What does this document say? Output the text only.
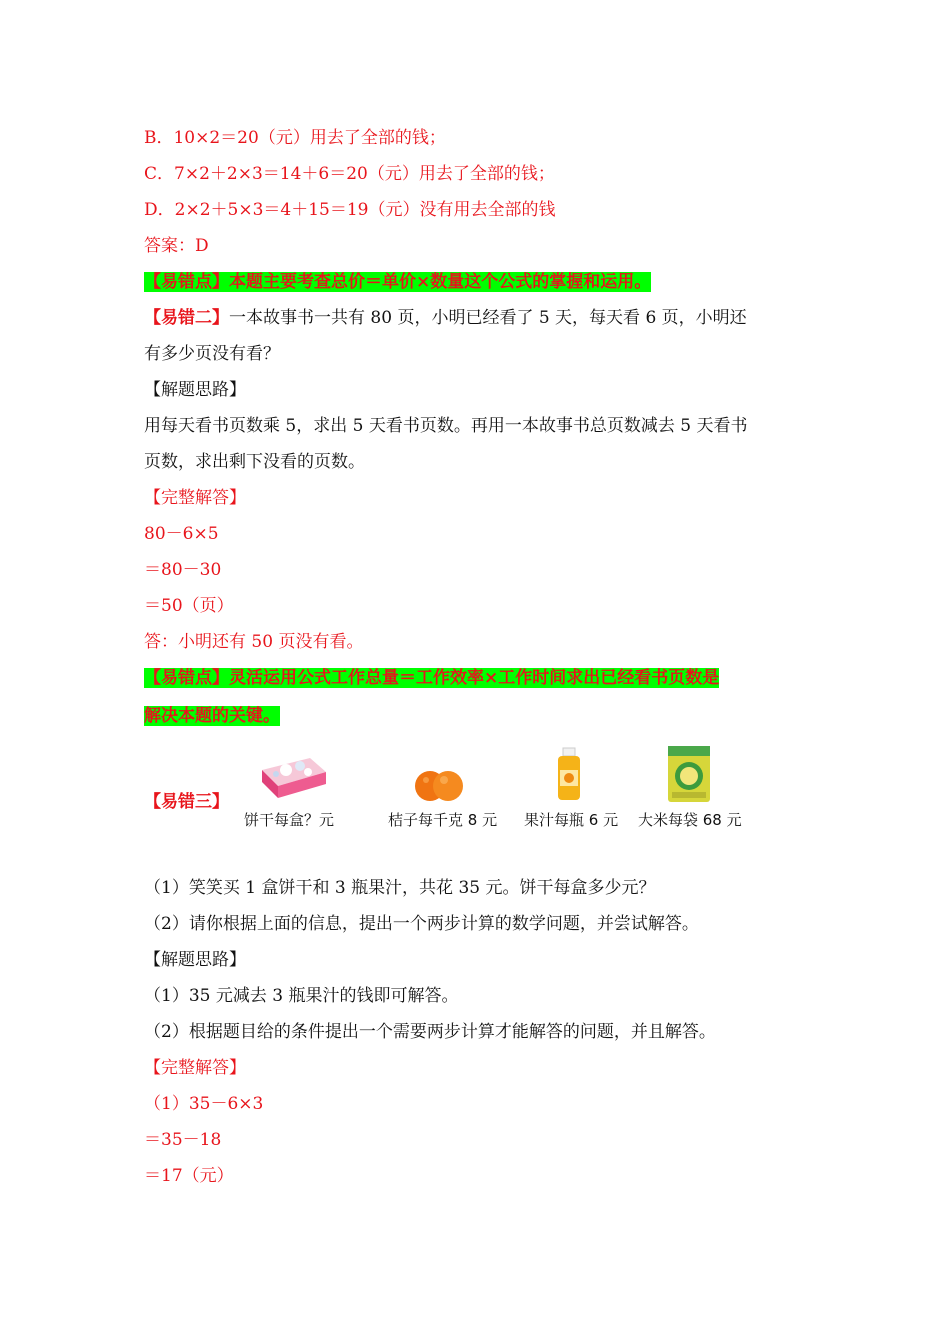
B．10×2＝20（元）用去了全部的钱；
C．7×2＋2×3＝14＋6＝20（元）用去了全部的钱；
D．2×2＋5×3＝4＋15＝19（元）没有用去全部的钱
答案：D
【易错点】本题主要考查总价＝单价×数量这个公式的掌握和运用。
【易错二】一本故事书一共有 80 页，小明已经看了 5 天，每天看 6 页，小明还
有多少页没有看？
【解题思路】
用每天看书页数乘 5，求出 5 天看书页数。再用一本故事书总页数减去 5 天看书
页数，求出剩下没看的页数。
【完整解答】
80－6×5
＝80－30
＝50（页）
答：小明还有 50 页没有看。
【易错点】灵活运用公式工作总量＝工作效率×工作时间求出已经看书页数是
解决本题的关键。
【易错三】
饼干每盒？元	桔子每千克 8 元 果汁每瓶 6 元 大米每袋 68 元
（1）笑笑买 1 盒饼干和 3 瓶果汁，共花 35 元。饼干每盒多少元？
（2）请你根据上面的信息，提出一个两步计算的数学问题，并尝试解答。
【解题思路】
（1）35 元减去 3 瓶果汁的钱即可解答。
（2）根据题目给的条件提出一个需要两步计算才能解答的问题，并且解答。
【完整解答】
（1）35－6×3
＝35－18
＝17（元）
